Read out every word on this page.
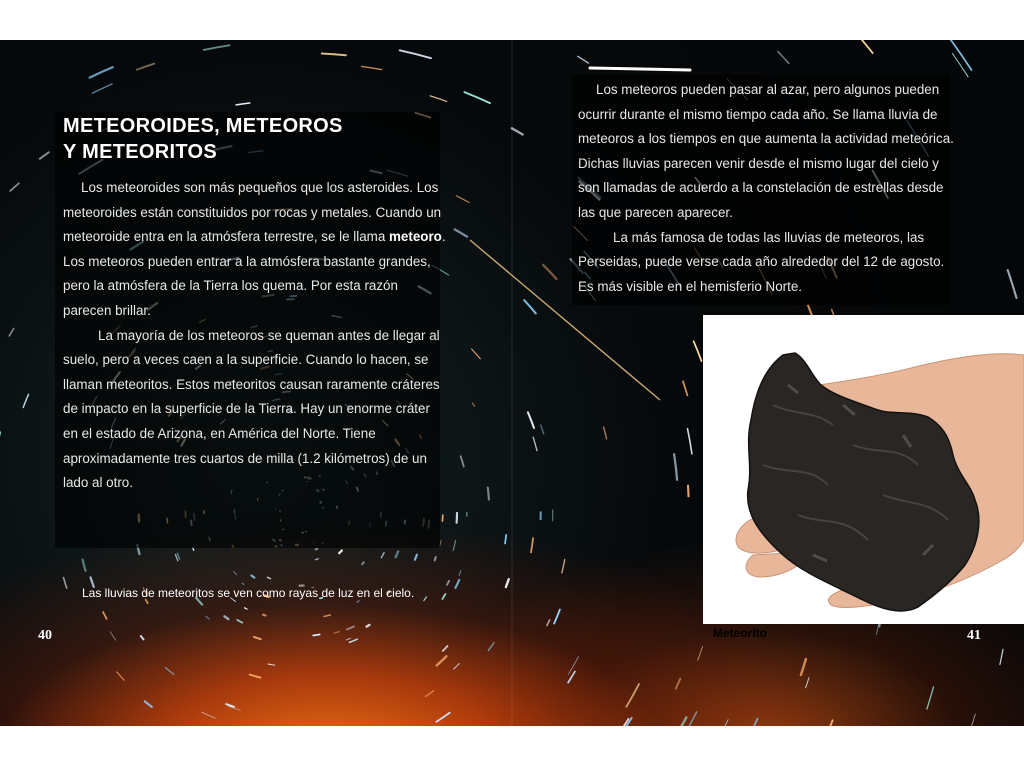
METEOROIDES, METEOROS
Y METEORITOS

Los meteoroides son más pequeños que los asteroides. Los meteoroides están constituidos por rocas y metales. Cuando un meteoroide entra en la atmósfera terrestre, se le llama meteoro. Los meteoros pueden entrar a la atmósfera bastante grandes, pero la atmósfera de la Tierra los quema. Por esta razón parecen brillar.

La mayoría de los meteoros se queman antes de llegar al suelo, pero a veces caen a la superficie. Cuando lo hacen, se llaman meteoritos. Estos meteoritos causan raramente cráteres de impacto en la superficie de la Tierra. Hay un enorme cráter en el estado de Arizona, en América del Norte. Tiene aproximadamente tres cuartos de milla (1.2 kilómetros) de un lado al otro.

Los meteoros pueden pasar al azar, pero algunos pueden ocurrir durante el mismo tiempo cada año. Se llama lluvia de meteoros a los tiempos en que aumenta la actividad meteórica. Dichas lluvias parecen venir desde el mismo lugar del cielo y son llamadas de acuerdo a la constelación de estrellas desde las que parecen aparecer.

La más famosa de todas las lluvias de meteoros, las Perseidas, puede verse cada año alrededor del 12 de agosto. Es más visible en el hemisferio Norte.

Las lluvias de meteoritos se ven como rayas de luz en el cielo.
40	41
Meteorito
